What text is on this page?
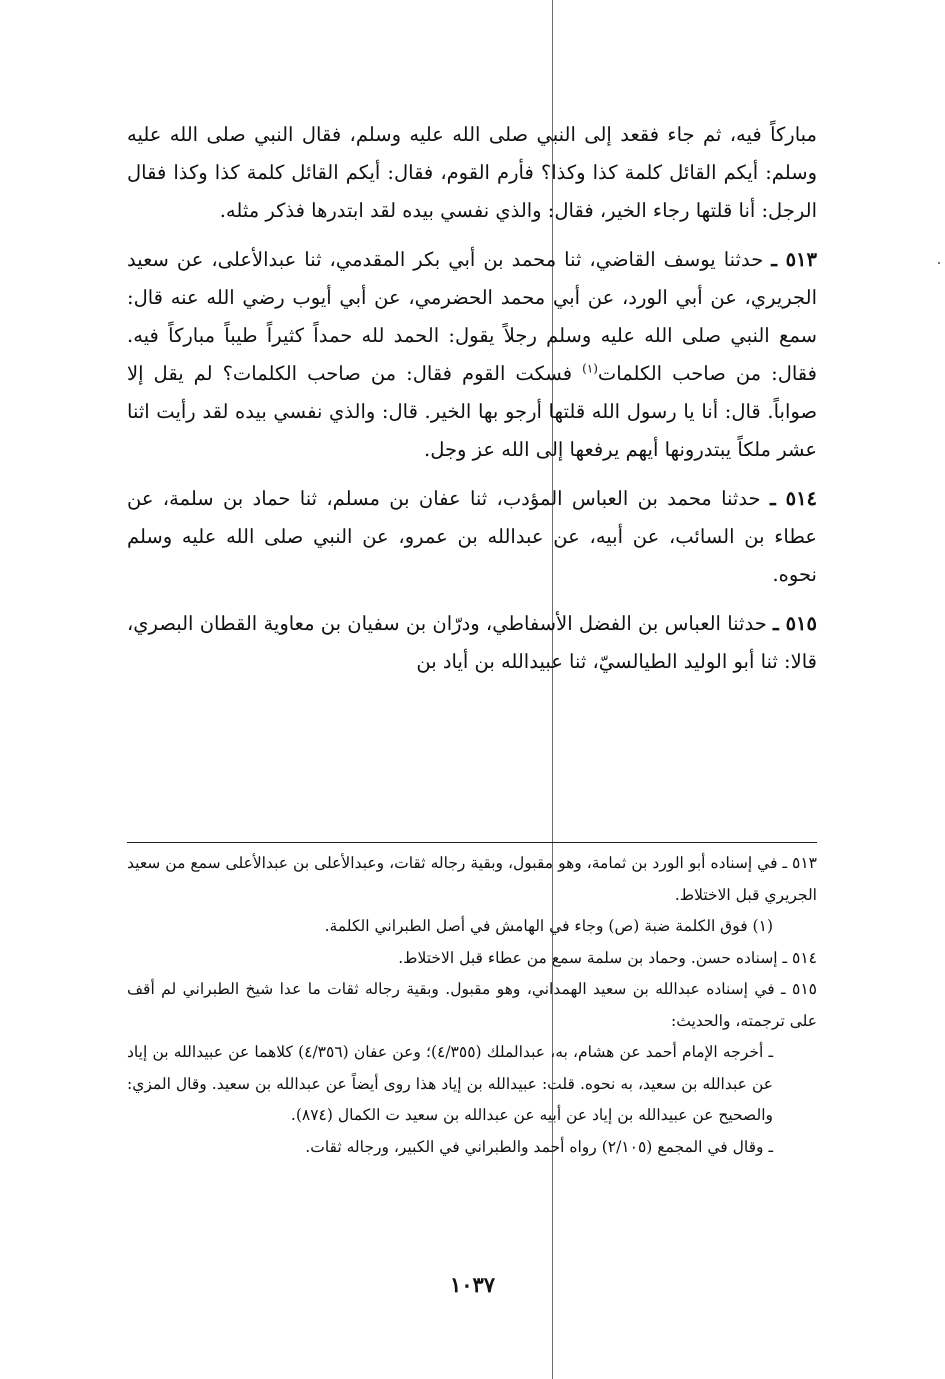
مباركاً فيه، ثم جاء فقعد إلى النبي صلى الله عليه وسلم، فقال النبي صلى الله عليه وسلم: أيكم القائل كلمة كذا وكذا؟ فأرم القوم، فقال: أيكم القائل كلمة كذا وكذا فقال الرجل: أنا قلتها رجاء الخير، فقال: والذي نفسي بيده لقد ابتدرها فذكر مثله.

٥١٣ ـ حدثنا يوسف القاضي، ثنا محمد بن أبي بكر المقدمي، ثنا عبدالأعلى، عن سعيد الجريري، عن أبي الورد، عن أبي محمد الحضرمي، عن أبي أيوب رضي الله عنه قال: سمع النبي صلى الله عليه وسلم رجلاً يقول: الحمد لله حمداً كثيراً طيباً مباركاً فيه. فقال: من صاحب الكلمات$^{(١)}$ فسكت القوم فقال: من صاحب الكلمات؟ لم يقل إلا صواباً. قال: أنا يا رسول الله قلتها أرجو بها الخير. قال: والذي نفسي بيده لقد رأيت اثنا عشر ملكاً يبتدرونها أيهم يرفعها إلى الله عز وجل.

٥١٤ ـ حدثنا محمد بن العباس المؤدب، ثنا عفان بن مسلم، ثنا حماد بن سلمة، عن عطاء بن السائب، عن أبيه، عن عبدالله بن عمرو، عن النبي صلى الله عليه وسلم نحوه.

٥١٥ ـ حدثنا العباس بن الفضل الأسفاطي، ودرّان بن سفيان بن معاوية القطان البصري، قالا: ثنا أبو الوليد الطيالسيّ، ثنا عبيدالله بن أياد بن

٥١٣ ـ في إسناده أبو الورد بن ثمامة، وهو مقبول، وبقية رجاله ثقات، وعبدالأعلى بن عبدالأعلى سمع من سعيد الجريري قبل الاختلاط.

(١) فوق الكلمة ضبة (ص) وجاء في الهامش في أصل الطبراني الكلمة.

٥١٤ ـ إسناده حسن. وحماد بن سلمة سمع من عطاء قبل الاختلاط.

٥١٥ ـ في إسناده عبدالله بن سعيد الهمداني، وهو مقبول. وبقية رجاله ثقات ما عدا شيخ الطبراني لم أقف على ترجمته، والحديث:

ـ أخرجه الإمام أحمد عن هشام، به، عبدالملك (٤/٣٥٥)؛ وعن عفان (٤/٣٥٦) كلاهما عن عبيدالله بن إياد عن عبدالله بن سعيد، به نحوه. قلت: عبيدالله بن إياد هذا روى أيضاً عن عبدالله بن سعيد. وقال المزي: والصحيح عن عبيدالله بن إياد عن أبيه عن عبدالله بن سعيد ت الكمال (٨٧٤).

ـ وقال في المجمع (٢/١٠٥) رواه أحمد والطبراني في الكبير، ورجاله ثقات.

١٠٣٧
